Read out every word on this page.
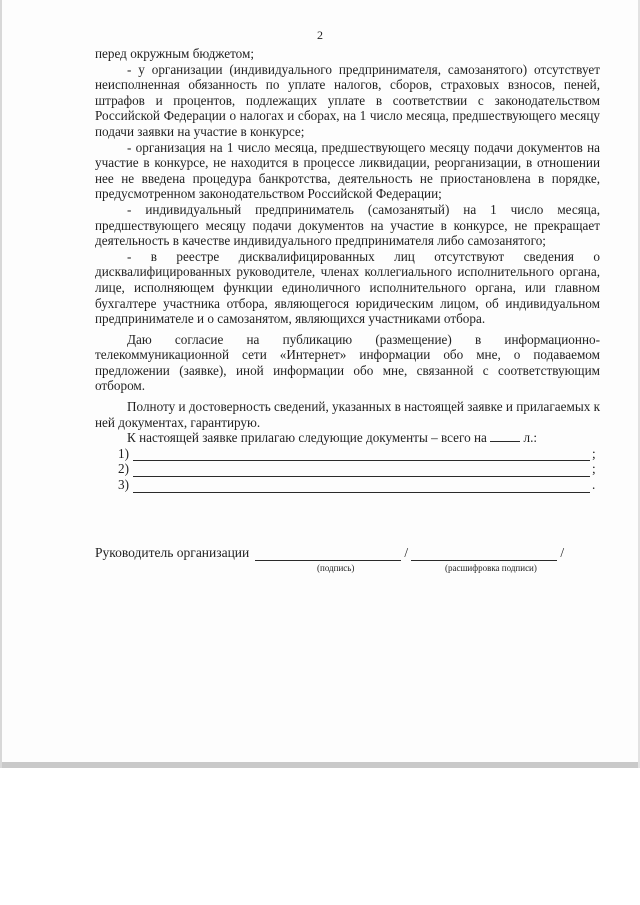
2

перед окружным бюджетом;

- у организации (индивидуального предпринимателя, самозанятого) отсутствует неисполненная обязанность по уплате налогов, сборов, страховых взносов, пеней, штрафов и процентов, подлежащих уплате в соответствии с законодательством Российской Федерации о налогах и сборах, на 1 число месяца, предшествующего месяцу подачи заявки на участие в конкурсе;

- организация на 1 число месяца, предшествующего месяцу подачи документов на участие в конкурсе, не находится в процессе ликвидации, реорганизации, в отношении нее не введена процедура банкротства, деятельность не приостановлена в порядке, предусмотренном законодательством Российской Федерации;

- индивидуальный предприниматель (самозанятый) на 1 число месяца, предшествующего месяцу подачи документов на участие в конкурсе, не прекращает деятельность в качестве индивидуального предпринимателя либо самозанятого;

- в реестре дисквалифицированных лиц отсутствуют сведения о дисквалифицированных руководителе, членах коллегиального исполнительного органа, лице, исполняющем функции единоличного исполнительного органа, или главном бухгалтере участника отбора, являющегося юридическим лицом, об индивидуальном предпринимателе и о самозанятом, являющихся участниками отбора.

Даю согласие на публикацию (размещение) в информационно-телекоммуникационной сети «Интернет» информации обо мне, о подаваемом предложении (заявке), иной информации обо мне, связанной с соответствующим отбором.

Полноту и достоверность сведений, указанных в настоящей заявке и прилагаемых к ней документах, гарантирую.

К настоящей заявке прилагаю следующие документы – всего на	л.:

1)	;
2)	;
3)	.
Руководитель организации	/	/
(подпись)	(расшифровка подписи)
